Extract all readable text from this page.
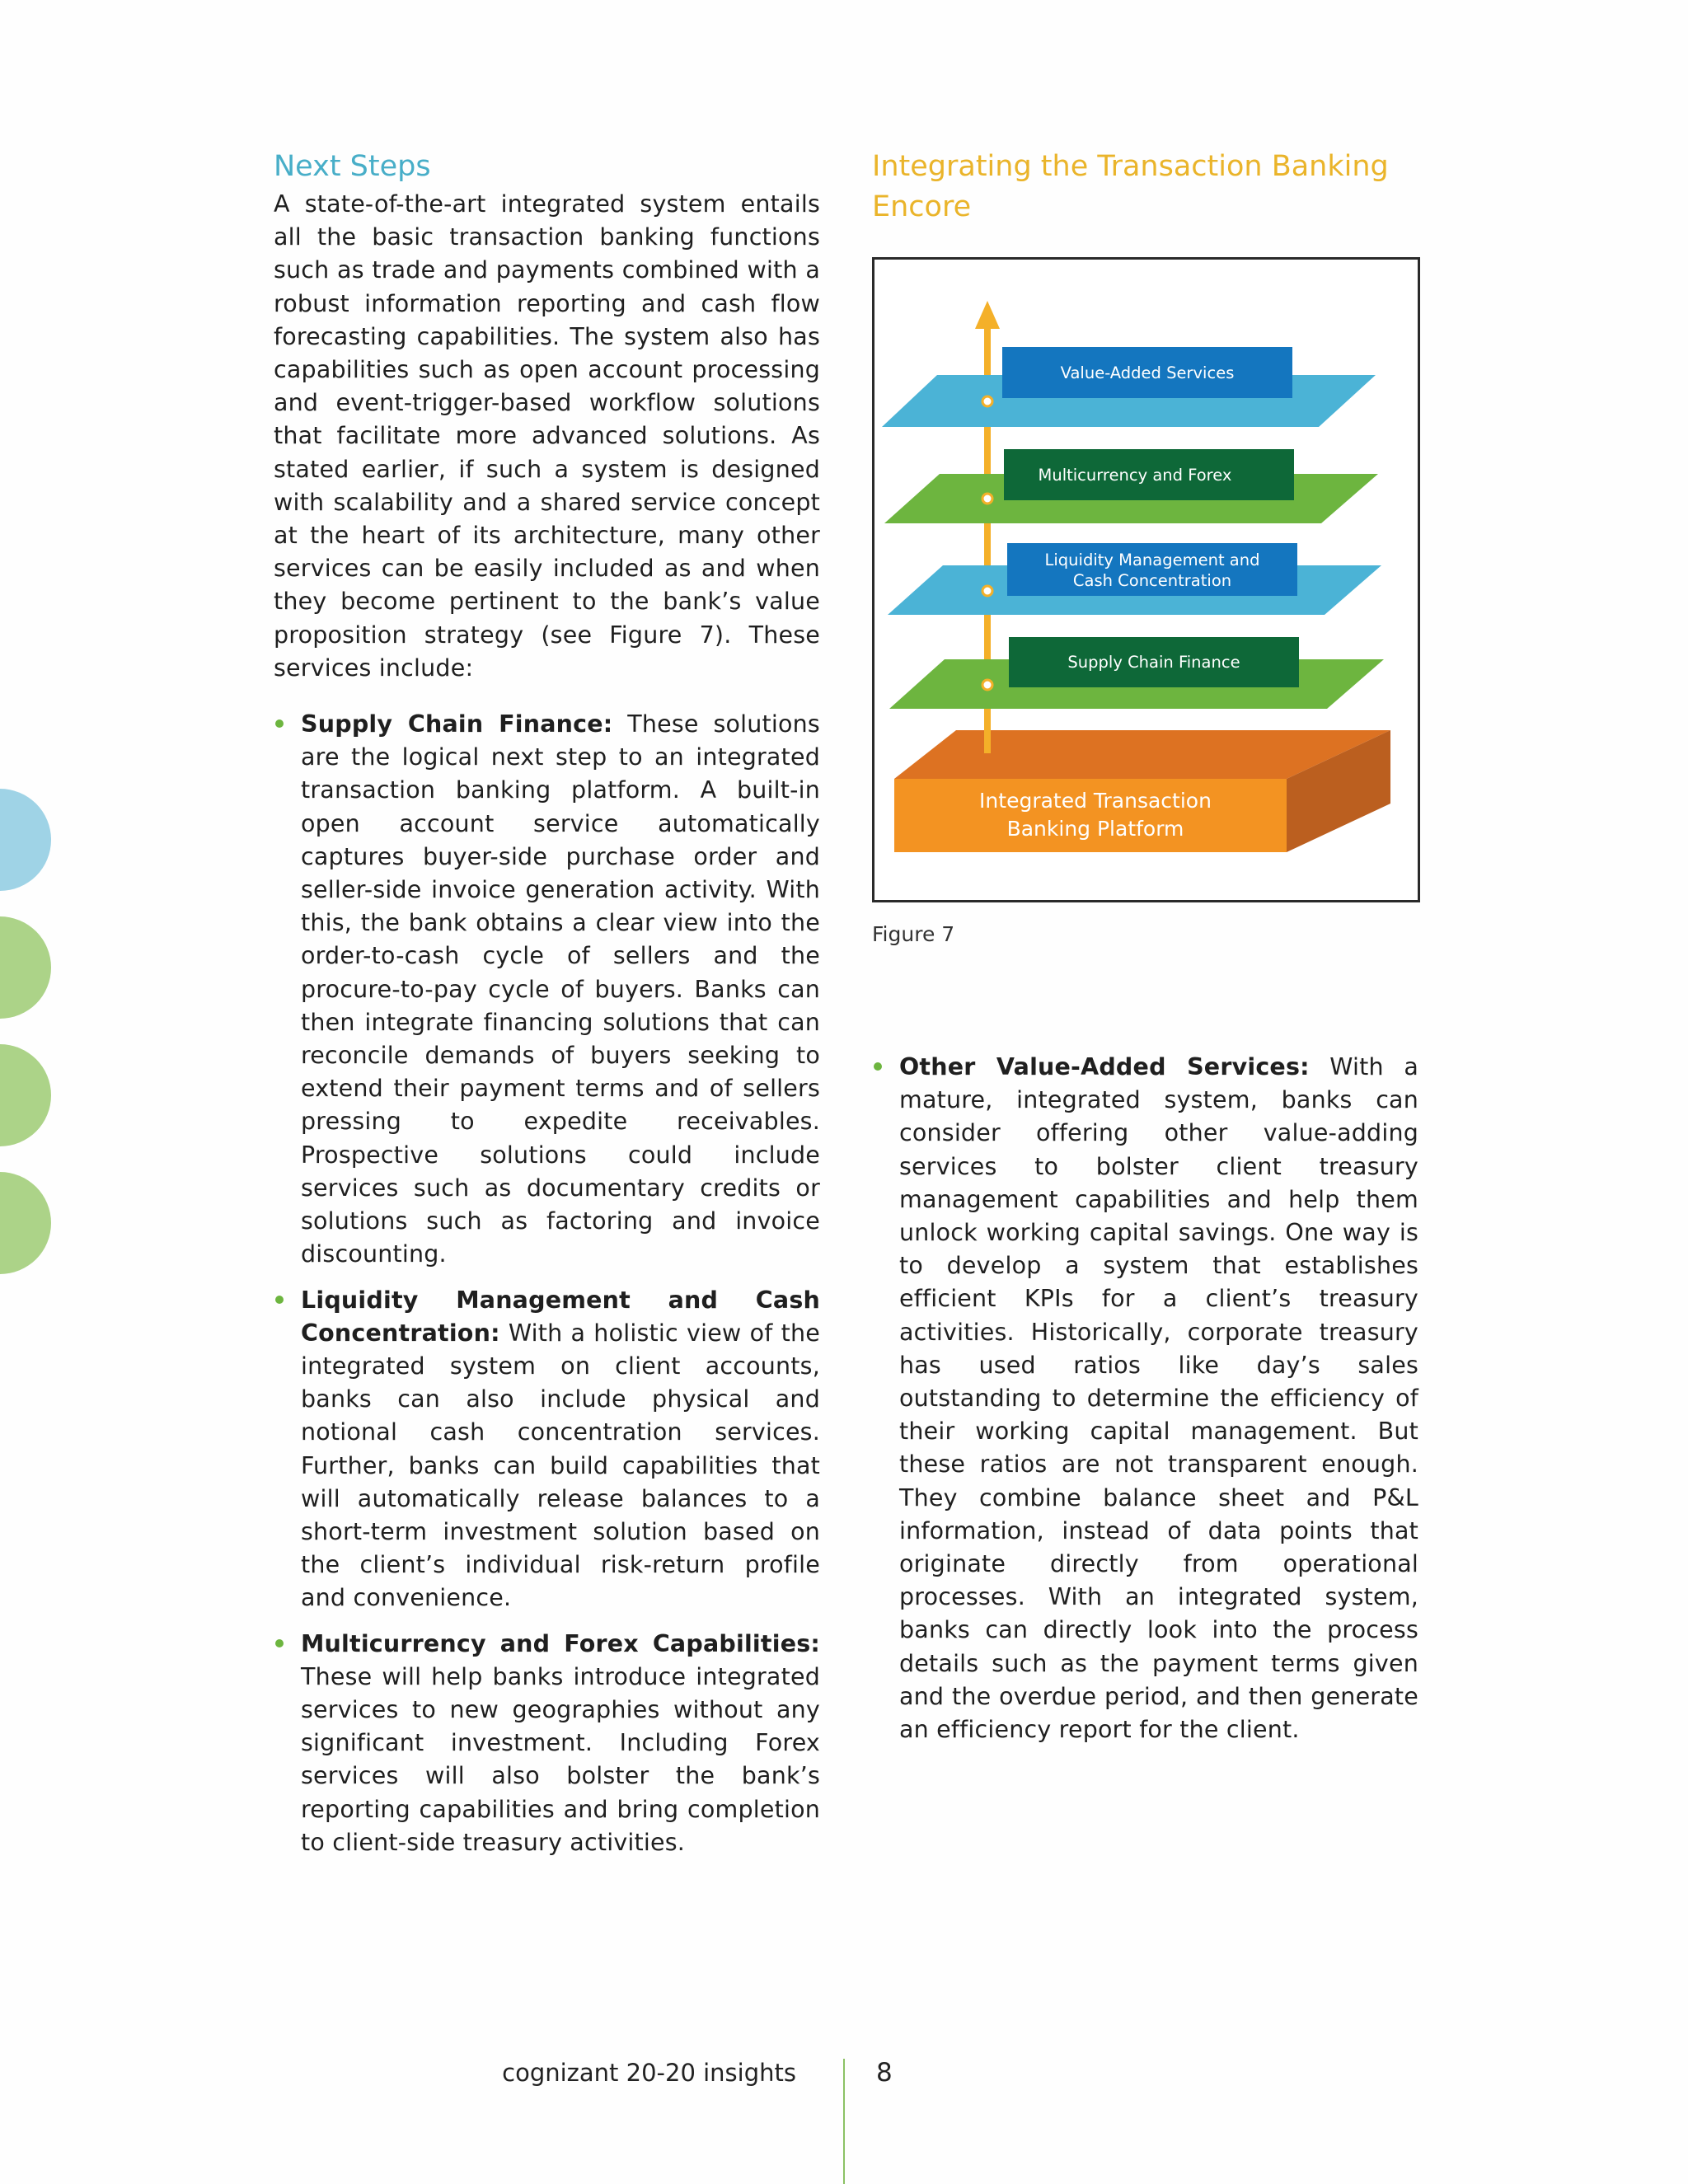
Next Steps

A state-of-the-art integrated system entails all the basic transaction banking functions such as trade and payments combined with a robust information reporting and cash flow forecasting capabilities. The system also has capabilities such as open account processing and event-trigger-based workflow solutions that facilitate more advanced solutions. As stated earlier, if such a system is designed with scalability and a shared service concept at the heart of its architecture, many other services can be easily included as and when they become pertinent to the bank’s value proposition strategy (see Figure 7). These services include:

Supply Chain Finance: These solutions are the logical next step to an integrated transaction banking platform. A built-in open account service automatically captures buyer-side purchase order and seller-side invoice generation activity. With this, the bank obtains a clear view into the order-to-cash cycle of sellers and the procure-to-pay cycle of buyers. Banks can then integrate financing solutions that can reconcile demands of buyers seeking to extend their payment terms and of sellers pressing to expedite receivables. Prospective solutions could include services such as documentary credits or solutions such as factoring and invoice discounting.
Liquidity Management and Cash Concentration: With a holistic view of the integrated system on client accounts, banks can also include physical and notional cash concentration services. Further, banks can build capabilities that will automatically release balances to a short-term investment solution based on the client’s individual risk-return profile and convenience.
Multicurrency and Forex Capabilities: These will help banks introduce integrated services to new geographies without any significant investment. Including Forex services will also bolster the bank’s reporting capabilities and bring completion to client-side treasury activities.
Integrating the Transaction Banking Encore
Integrated Transaction
Banking Platform
Supply Chain Finance
Liquidity Management and
Cash Concentration
Multicurrency and Forex
Value-Added Services
Figure 7
Other Value-Added Services: With a mature, integrated system, banks can consider offering other value-adding services to bolster client treasury management capabilities and help them unlock working capital savings. One way is to develop a system that establishes efficient KPIs for a client’s treasury activities. Historically, corporate treasury has used ratios like day’s sales outstanding to determine the efficiency of their working capital management. But these ratios are not transparent enough. They combine balance sheet and P&L information, instead of data points that originate directly from operational processes. With an integrated system, banks can directly look into the process details such as the payment terms given and the overdue period, and then generate an efficiency report for the client.
cognizant 20-20 insights	8
